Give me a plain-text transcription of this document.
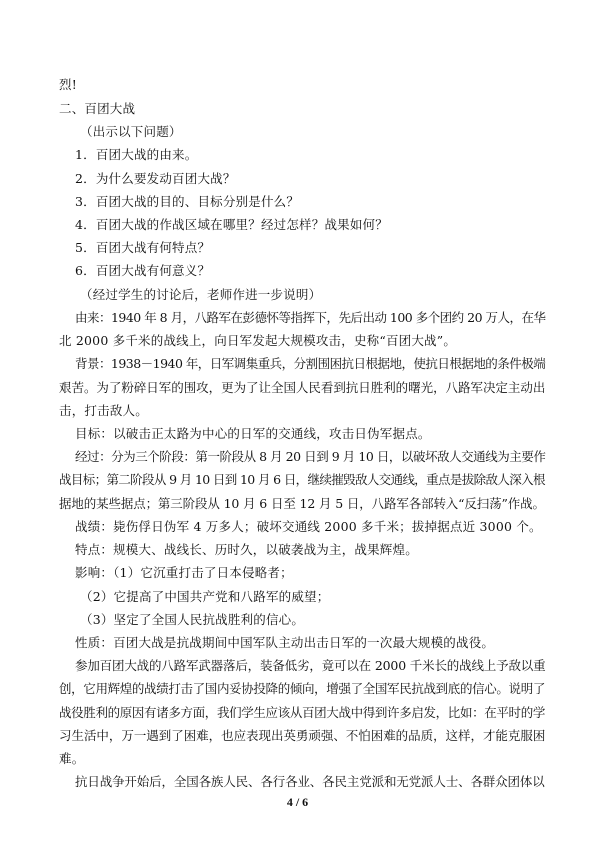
烈!
二、百团大战
（出示以下问题）
1．百团大战的由来。
2．为什么要发动百团大战？
3．百团大战的目的、目标分别是什么？
4．百团大战的作战区域在哪里？经过怎样？战果如何？
5．百团大战有何特点？
6．百团大战有何意义？
（经过学生的讨论后，老师作进一步说明）
由来：1940 年 8 月，八路军在彭德怀等指挥下，先后出动 100 多个团约 20 万人，在华
北 2000 多千米的战线上，向日军发起大规模攻击，史称“百团大战”。
背景：1938－1940 年，日军调集重兵，分割围困抗日根据地，使抗日根据地的条件极端
艰苦。为了粉碎日军的围攻，更为了让全国人民看到抗日胜利的曙光，八路军决定主动出
击，打击敌人。
目标：以破击正太路为中心的日军的交通线，攻击日伪军据点。
经过：分为三个阶段：第一阶段从 8 月 20 日到 9 月 10 日，以破坏敌人交通线为主要作
战目标；第二阶段从 9 月 10 日到 10 月 6 日，继续摧毁敌人交通线，重点是拔除敌人深入根
据地的某些据点；第三阶段从 10 月 6 日至 12 月 5 日，八路军各部转入“反扫荡”作战。
战绩：毙伤俘日伪军 4 万多人；破坏交通线 2000 多千米；拔掉据点近 3000 个。
特点：规模大、战线长、历时久，以破袭战为主，战果辉煌。
影响：（1）它沉重打击了日本侵略者；
（2）它提高了中国共产党和八路军的威望；
（3）坚定了全国人民抗战胜利的信心。
性质：百团大战是抗战期间中国军队主动出击日军的一次最大规模的战役。
参加百团大战的八路军武器落后，装备低劣，竟可以在 2000 千米长的战线上予敌以重
创，它用辉煌的战绩打击了国内妥协投降的倾向，增强了全国军民抗战到底的信心。说明了
战役胜利的原因有诸多方面，我们学生应该从百团大战中得到许多启发，比如：在平时的学
习生活中，万一遇到了困难，也应表现出英勇顽强、不怕困难的品质，这样，才能克服困
难。
抗日战争开始后，全国各族人民、各行各业、各民主党派和无党派人士、各群众团体以
4 / 6
